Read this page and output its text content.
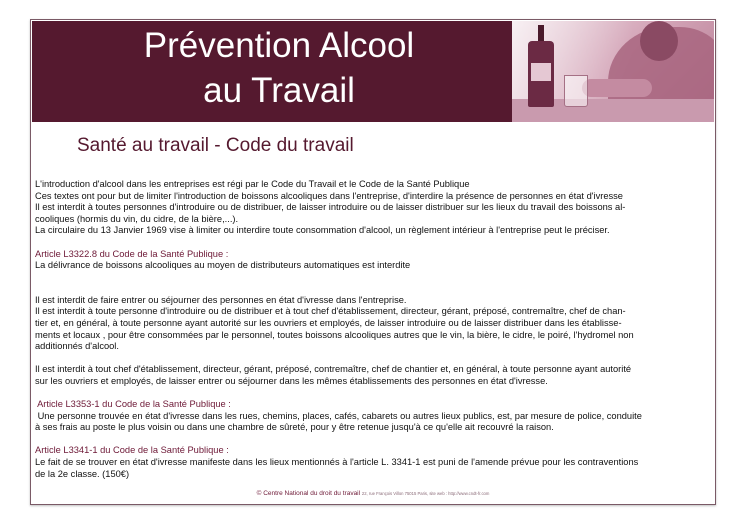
Prévention Alcool
au Travail
Santé au travail - Code du travail

L'introduction d'alcool dans les entreprises est régi par le Code du Travail et le Code de la Santé Publique

Ces textes ont pour but de limiter l'introduction de boissons alcooliques dans l'entreprise, d'interdire la présence de personnes en état d'ivresse

Il est interdit à toutes personnes d'introduire ou de distribuer, de laisser introduire ou de laisser distribuer sur les lieux du travail des boissons al-

cooliques (hormis du vin, du cidre, de la bière,...).

La circulaire du 13 Janvier 1969 vise à limiter ou interdire toute consommation d'alcool, un règlement intérieur à l'entreprise peut le préciser.

Article L3322.8 du Code de la Santé Publique :

La délivrance de boissons alcooliques au moyen de distributeurs automatiques est interdite

Il est interdit de faire entrer ou séjourner des personnes en état d'ivresse dans l'entreprise.

Il est interdit à toute personne d'introduire ou de distribuer et à tout chef d'établissement, directeur, gérant, préposé, contremaître, chef de chan-

tier et, en général, à toute personne ayant autorité sur les ouvriers et employés, de laisser introduire ou de laisser distribuer dans les établisse-

ments et locaux , pour être consommées par le personnel, toutes boissons alcooliques autres que le vin, la bière, le cidre, le poiré, l'hydromel non

additionnés d'alcool.

Il est interdit à tout chef d'établissement, directeur, gérant, préposé, contremaître, chef de chantier et, en général, à toute personne ayant autorité

sur les ouvriers et employés, de laisser entrer ou séjourner dans les mêmes établissements des personnes en état d'ivresse.

Article L3353-1 du Code de la Santé Publique :

Une personne trouvée en état d'ivresse dans les rues, chemins, places, cafés, cabarets ou autres lieux publics, est, par mesure de police, conduite

à ses frais au poste le plus voisin ou dans une chambre de sûreté, pour y être retenue jusqu'à ce qu'elle ait recouvré la raison.

Article L3341-1 du Code de la Santé Publique :

Le fait de se trouver en état d'ivresse manifeste dans les lieux mentionnés à l'article L. 3341-1 est puni de l'amende prévue pour les contraventions

de la 2e classe. (150€)

© Centre National du droit du travail 22, rue François Villon 75015 Paris, site web : http://www.cndt-fr.com
